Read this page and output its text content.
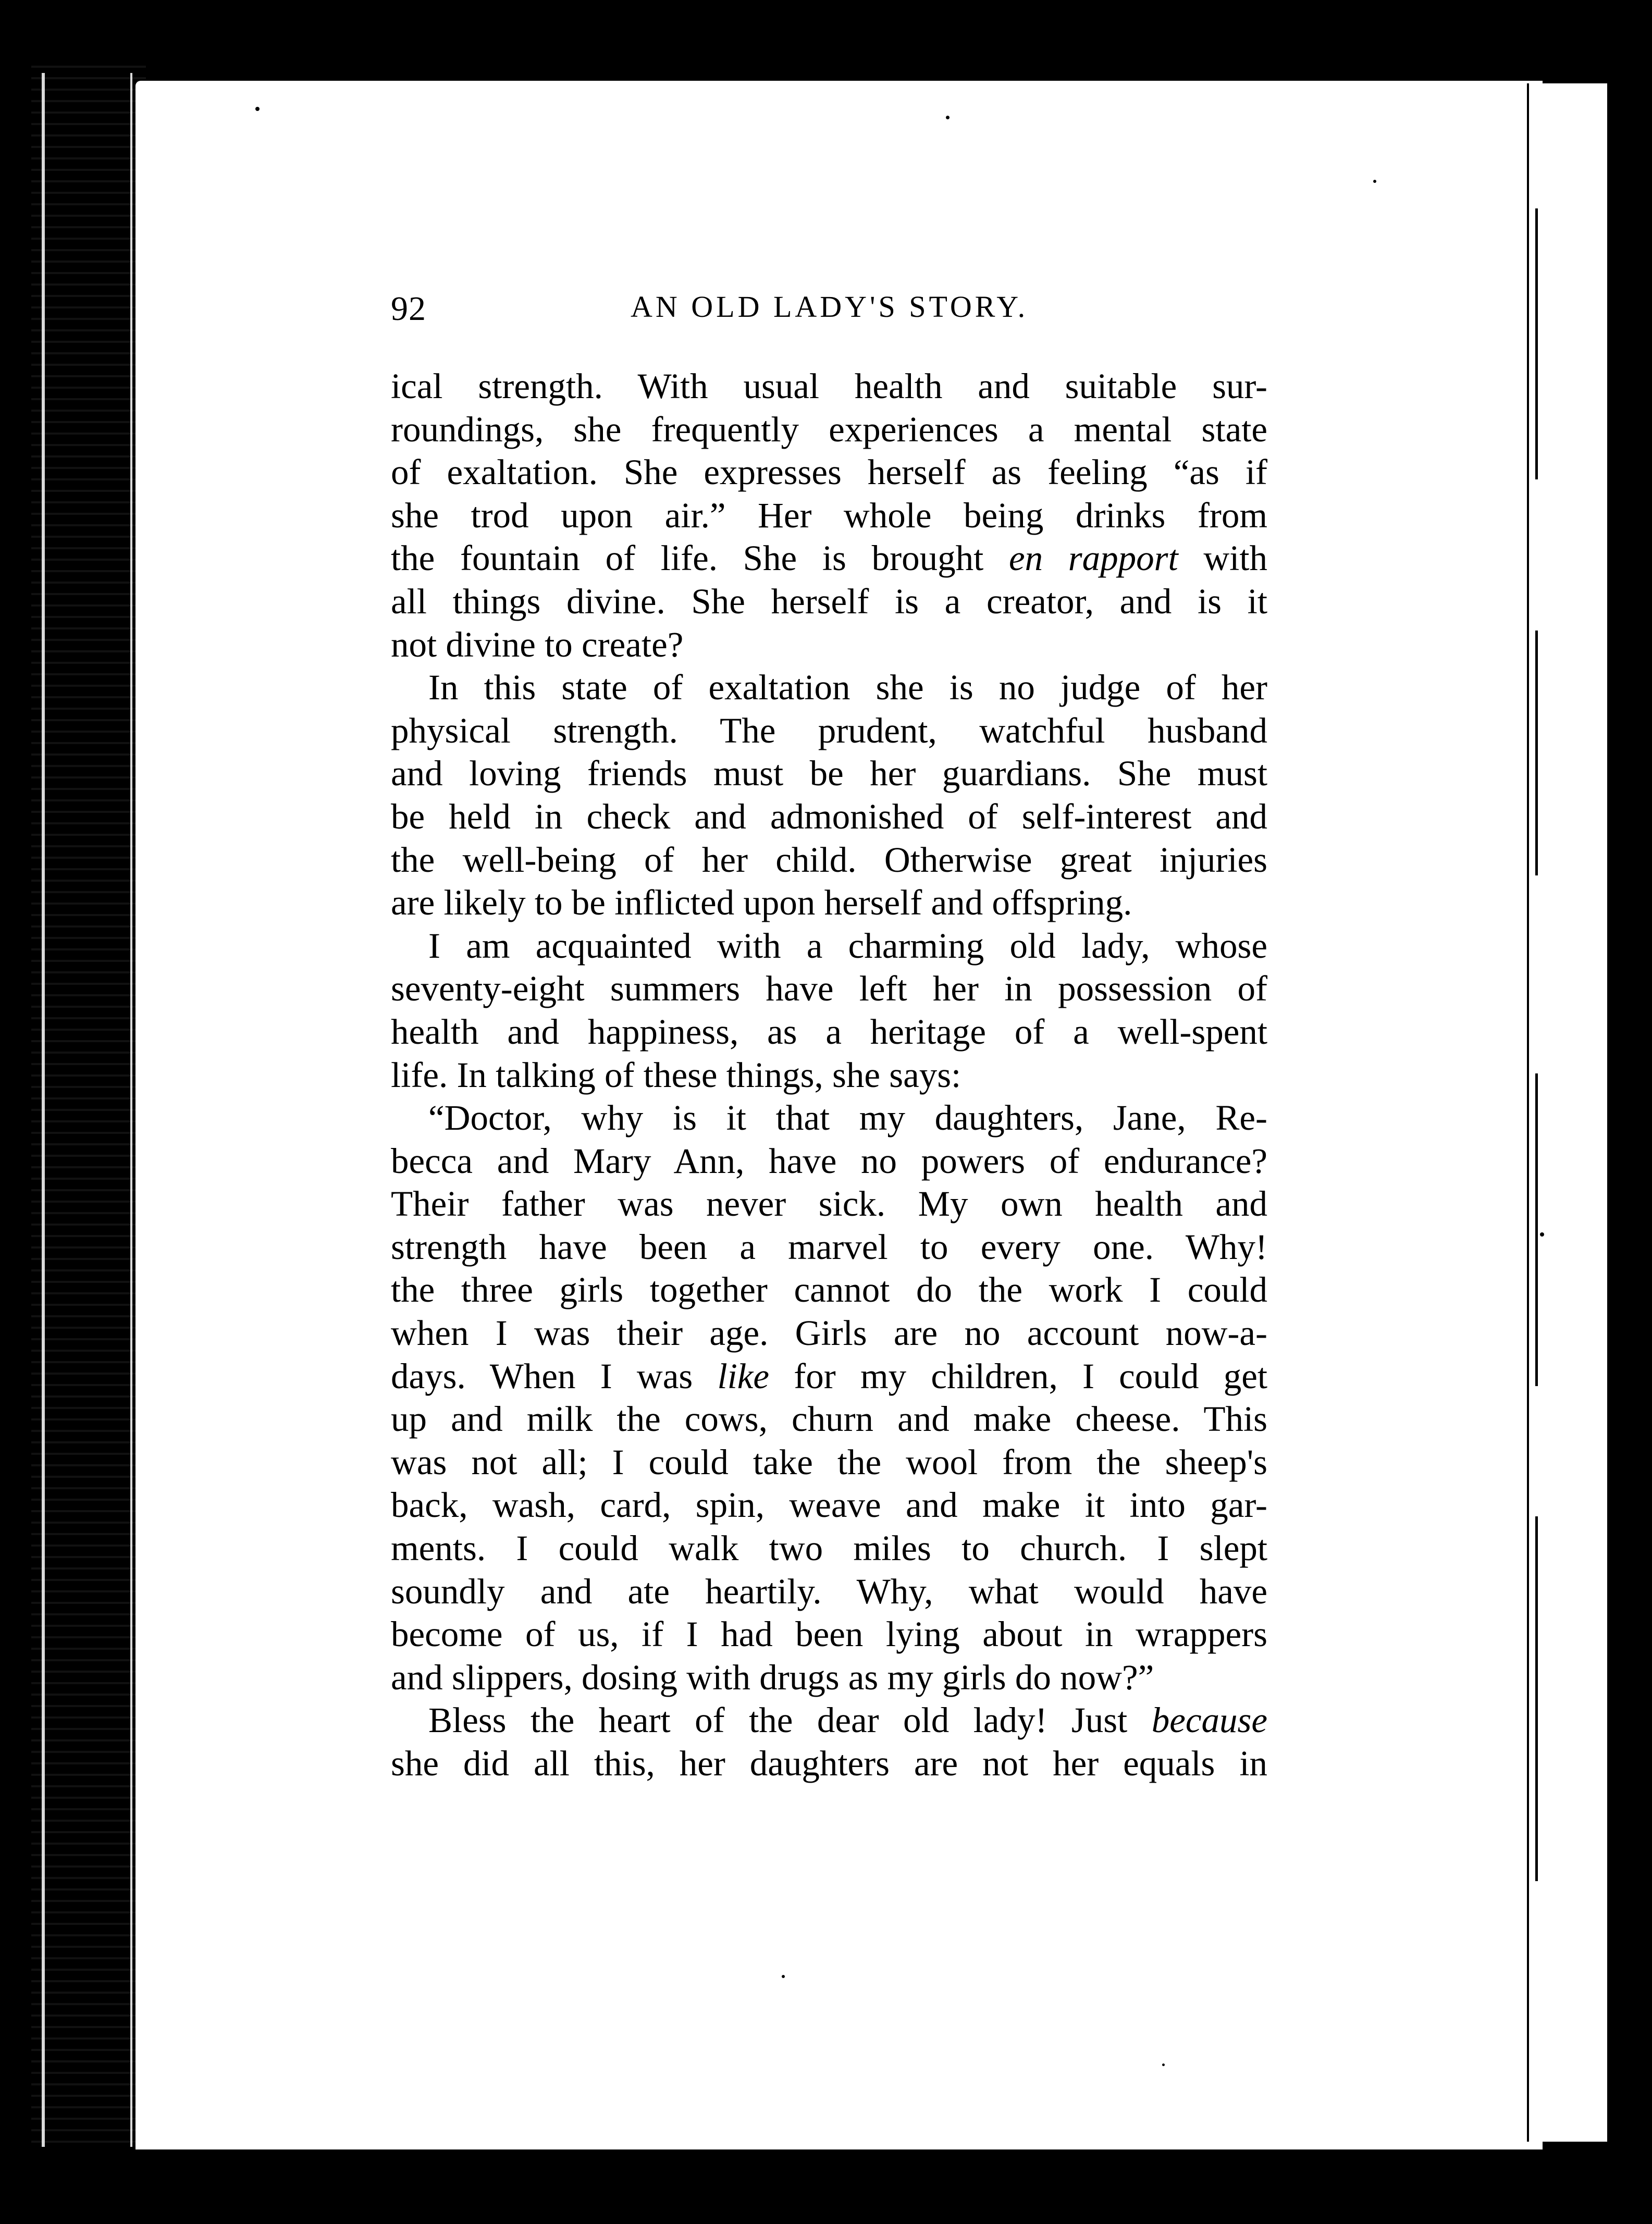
92	AN OLD LADY'S STORY.
ical strength. With usual health and suitable sur-
roundings, she frequently experiences a mental state
of exaltation. She expresses herself as feeling “as if
she trod upon air.” Her whole being drinks from
the fountain of life. She is brought en rapport with
all things divine. She herself is a creator, and is it
not divine to create?
In this state of exaltation she is no judge of her
physical strength. The prudent, watchful husband
and loving friends must be her guardians. She must
be held in check and admonished of self-interest and
the well-being of her child. Otherwise great injuries
are likely to be inflicted upon herself and offspring.
I am acquainted with a charming old lady, whose
seventy-eight summers have left her in possession of
health and happiness, as a heritage of a well-spent
life. In talking of these things, she says:
“Doctor, why is it that my daughters, Jane, Re-
becca and Mary Ann, have no powers of endurance?
Their father was never sick. My own health and
strength have been a marvel to every one. Why!
the three girls together cannot do the work I could
when I was their age. Girls are no account now-a-
days. When I was like for my children, I could get
up and milk the cows, churn and make cheese. This
was not all; I could take the wool from the sheep's
back, wash, card, spin, weave and make it into gar-
ments. I could walk two miles to church. I slept
soundly and ate heartily. Why, what would have
become of us, if I had been lying about in wrappers
and slippers, dosing with drugs as my girls do now?”
Bless the heart of the dear old lady! Just because
she did all this, her daughters are not her equals in
